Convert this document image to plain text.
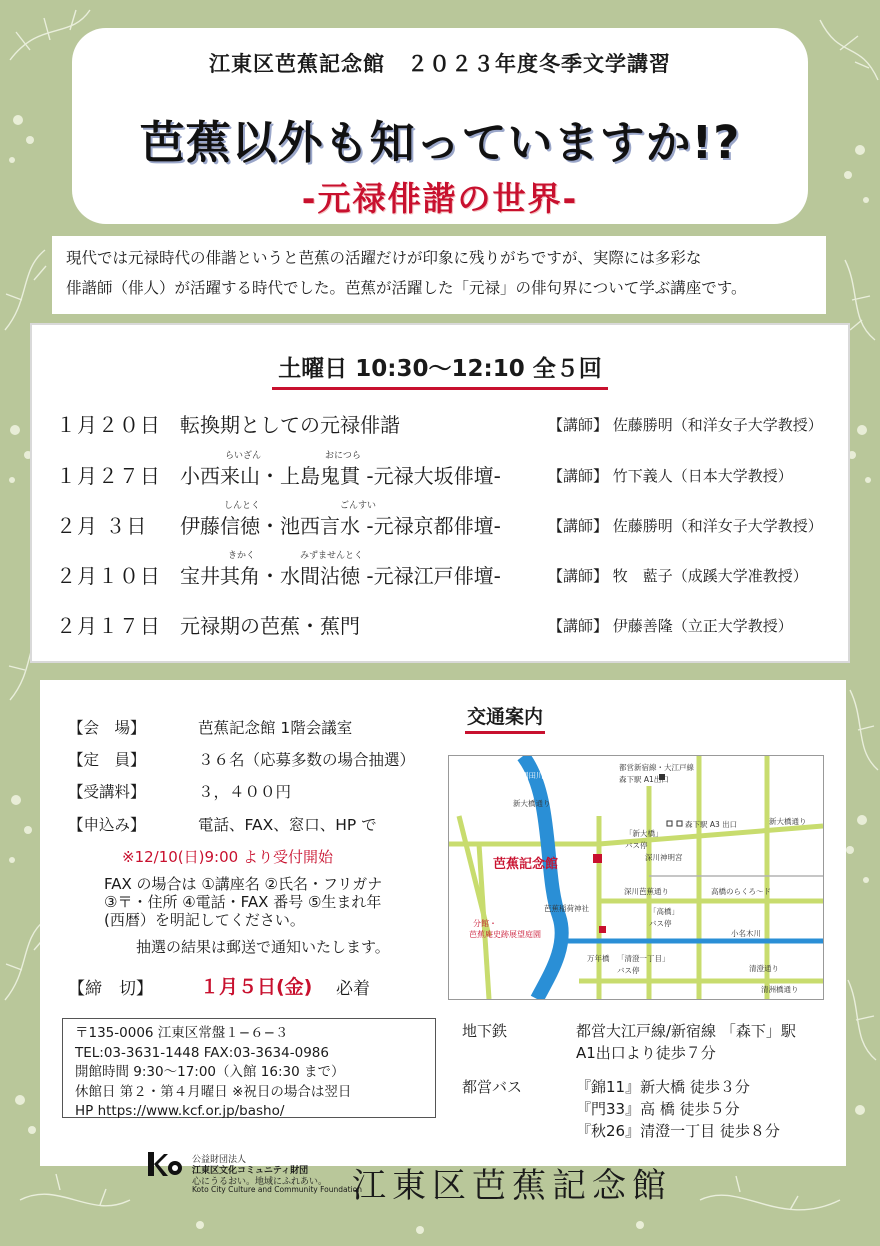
江東区芭蕉記念館　２０２３年度冬季文学講習
芭蕉以外も知っていますか!?
-元禄俳諧の世界-
現代では元禄時代の俳諧というと芭蕉の活躍だけが印象に残りがちですが、実際には多彩な
俳諧師（俳人）が活躍する時代でした。芭蕉が活躍した「元禄」の俳句界について学ぶ講座です。
土曜日 10:30～12:10 全５回
１月２０日 転換期としての元禄俳諧	【講師】 佐藤勝明（和洋女子大学教授）
らいざん	おにつら
１月２７日 小西来山・上島鬼貫 -元禄大坂俳壇-	【講師】 竹下義人（日本大学教授）
しんとく	ごんすい
２月 ３日 伊藤信徳・池西言水 -元禄京都俳壇-	【講師】 佐藤勝明（和洋女子大学教授）
きかく	みずませんとく
２月１０日 宝井其角・水間沾徳 -元禄江戸俳壇-	【講師】 牧　藍子（成蹊大学准教授）
２月１７日 元禄期の芭蕉・蕉門	【講師】 伊藤善隆（立正大学教授）
【会　場】	芭蕉記念館 1階会議室
【定　員】	３６名（応募多数の場合抽選）
【受講料】	３，４００円
【申込み】	電話、FAX、窓口、HP で
※12/10(日)9:00 より受付開始
FAX の場合は ①講座名 ②氏名・フリガナ
③〒・住所 ④電話・FAX 番号 ⑤生まれ年
(西暦）を明記してください。
抽選の結果は郵送で通知いたします。
【締　切】 １月５日(金) 必着
交通案内
都営新宿線・大江戸線
森下駅 A1出口
森下駅 A3 出口	新大橋通り
「新大橋」
バス停
深川神明宮
深川芭蕉通り
「高橋」
バス停
高橋のらくろ～ド
小名木川
芭蕉稲荷神社
「清澄一丁目」
バス停
清洲橋通り
新大橋通り
芭蕉記念館
分館・
芭蕉庵史跡展望庭園
万年橋
隅田川
清澄通り
〒135-0006 江東区常盤１−６−３
TEL:03-3631-1448 FAX:03-3634-0986
開館時間 9:30～17:00（入館 16:30 まで）
休館日 第２・第４月曜日 ※祝日の場合は翌日
HP https://www.kcf.or.jp/basho/
地下鉄	都営大江戸線/新宿線 「森下」駅
A1出口より徒歩７分
都営バス	『錦11』新大橋 徒歩３分
『門33』高 橋 徒歩５分
『秋26』清澄一丁目 徒歩８分
公益財団法人
江東区文化コミュニティ財団
心にうるおい。地域にふれあい。
Koto City Culture and Community Foundation
江東区芭蕉記念館
